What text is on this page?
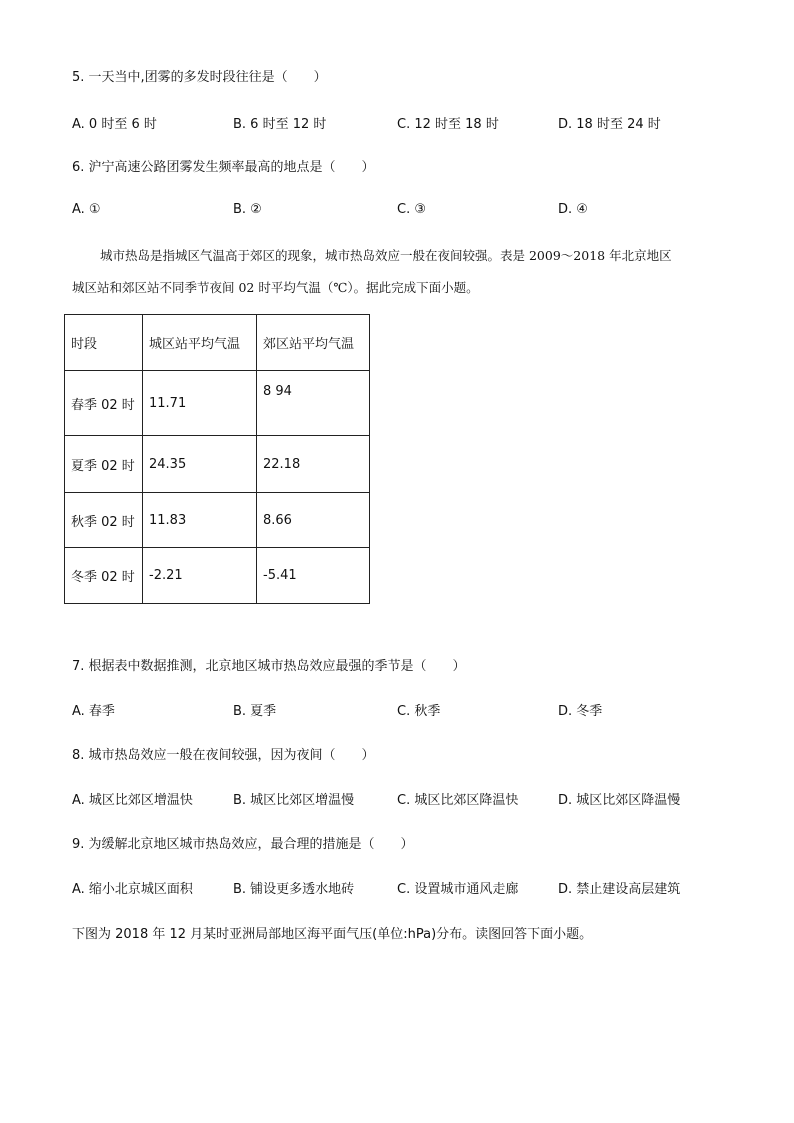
5. 一天当中,团雾的多发时段往往是（　　）
A. 0 时至 6 时	B. 6 时至 12 时	C. 12 时至 18 时	D. 18 时至 24 时
6. 沪宁高速公路团雾发生频率最高的地点是（　　）
A. ①	B. ②	C. ③	D. ④
城市热岛是指城区气温高于郊区的现象，城市热岛效应一般在夜间较强。表是 2009～2018 年北京地区
城区站和郊区站不同季节夜间 02 时平均气温（℃）。据此完成下面小题。
时段	城区站平均气温	郊区站平均气温
春季 02 时	11.71	8 94
夏季 02 时	24.35	22.18
秋季 02 时	11.83	8.66
冬季 02 时	-2.21	-5.41
7. 根据表中数据推测，北京地区城市热岛效应最强的季节是（　　）
A. 春季	B. 夏季	C. 秋季	D. 冬季
8. 城市热岛效应一般在夜间较强，因为夜间（　　）
A. 城区比郊区增温快	B. 城区比郊区增温慢	C. 城区比郊区降温快	D. 城区比郊区降温慢
9. 为缓解北京地区城市热岛效应，最合理的措施是（　　）
A. 缩小北京城区面积	B. 铺设更多透水地砖	C. 设置城市通风走廊	D. 禁止建设高层建筑
下图为 2018 年 12 月某时亚洲局部地区海平面气压(单位:hPa)分布。读图回答下面小题。
